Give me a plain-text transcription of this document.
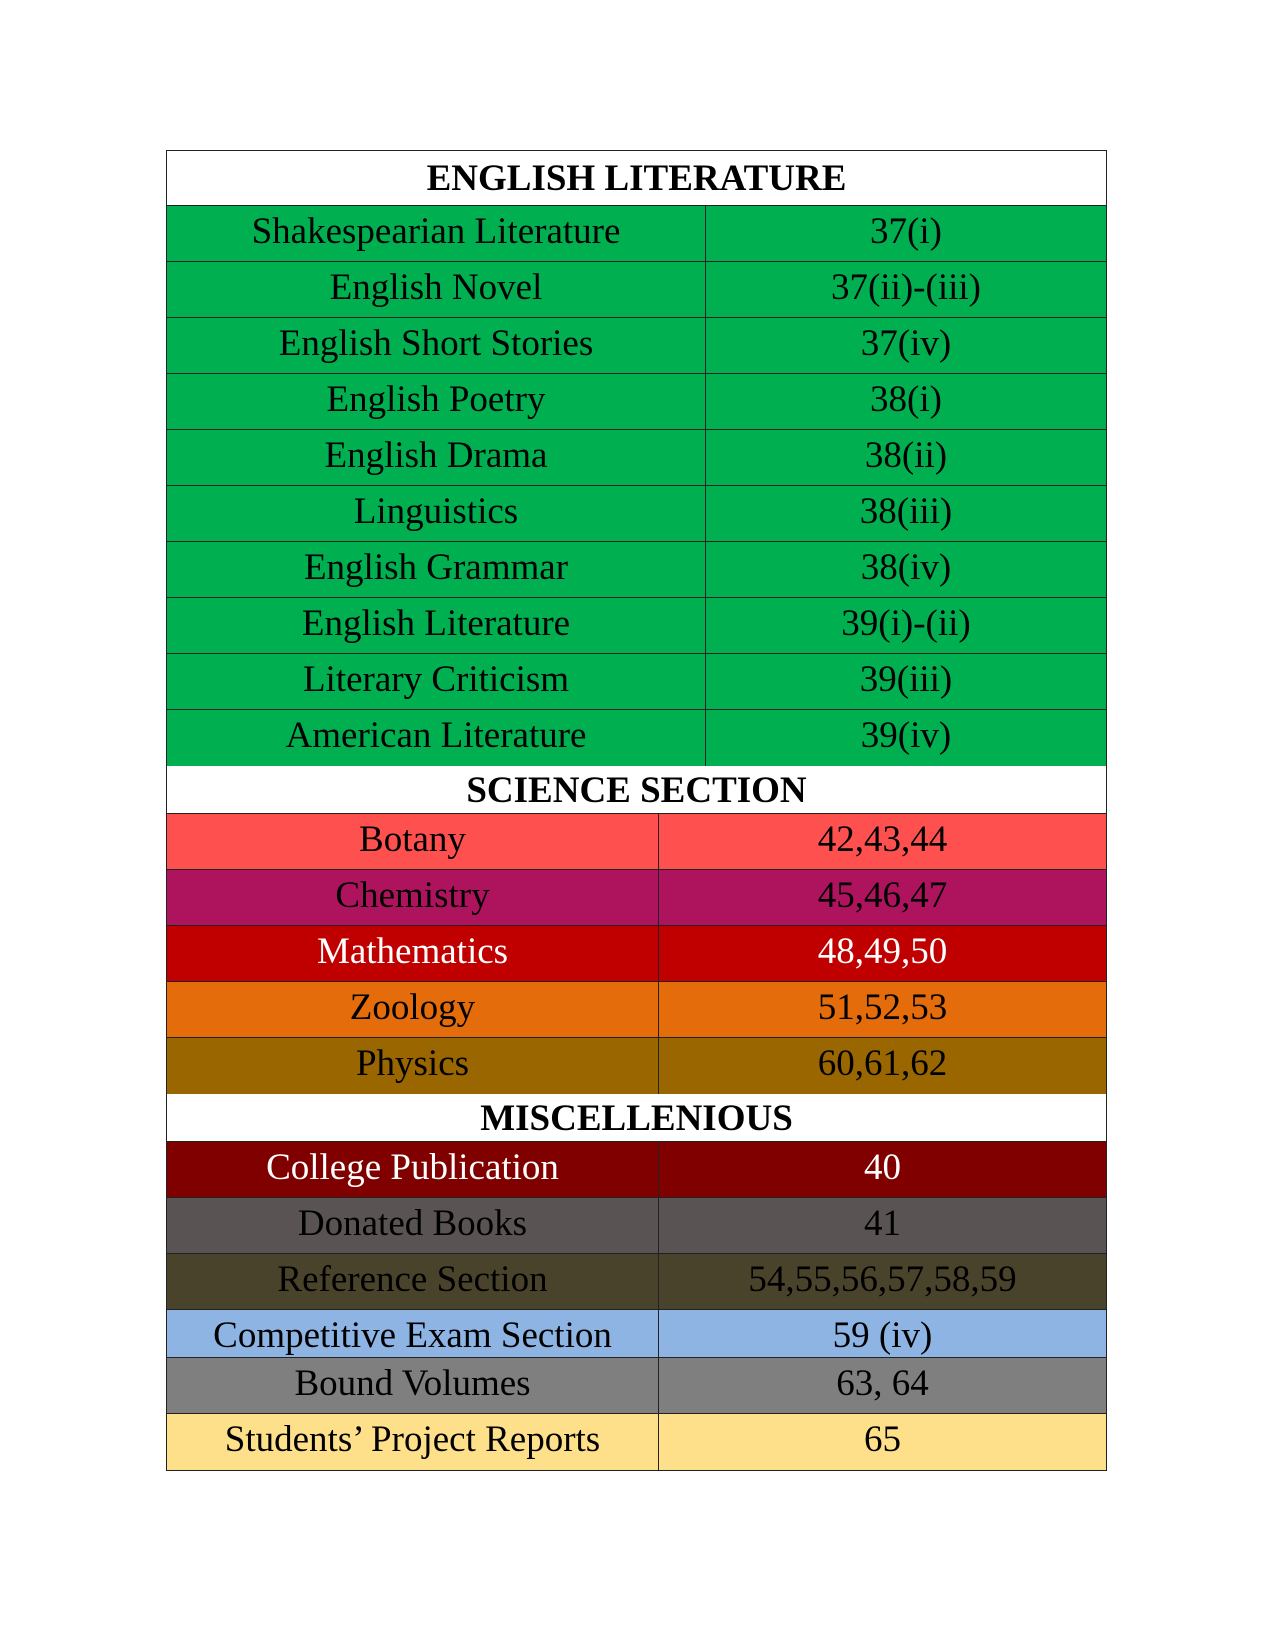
ENGLISH LITERATURE
Shakespearian Literature	37(i)
English Novel	37(ii)-(iii)
English Short Stories	37(iv)
English Poetry	38(i)
English Drama	38(ii)
Linguistics	38(iii)
English Grammar	38(iv)
English Literature	39(i)-(ii)
Literary Criticism	39(iii)
American Literature	39(iv)
SCIENCE SECTION
Botany	42,43,44
Chemistry	45,46,47
Mathematics	48,49,50
Zoology	51,52,53
Physics	60,61,62
MISCELLENIOUS
College Publication	40
Donated Books	41
Reference Section	54,55,56,57,58,59
Competitive Exam Section	59 (iv)
Bound Volumes	63, 64
Students’ Project Reports	65
